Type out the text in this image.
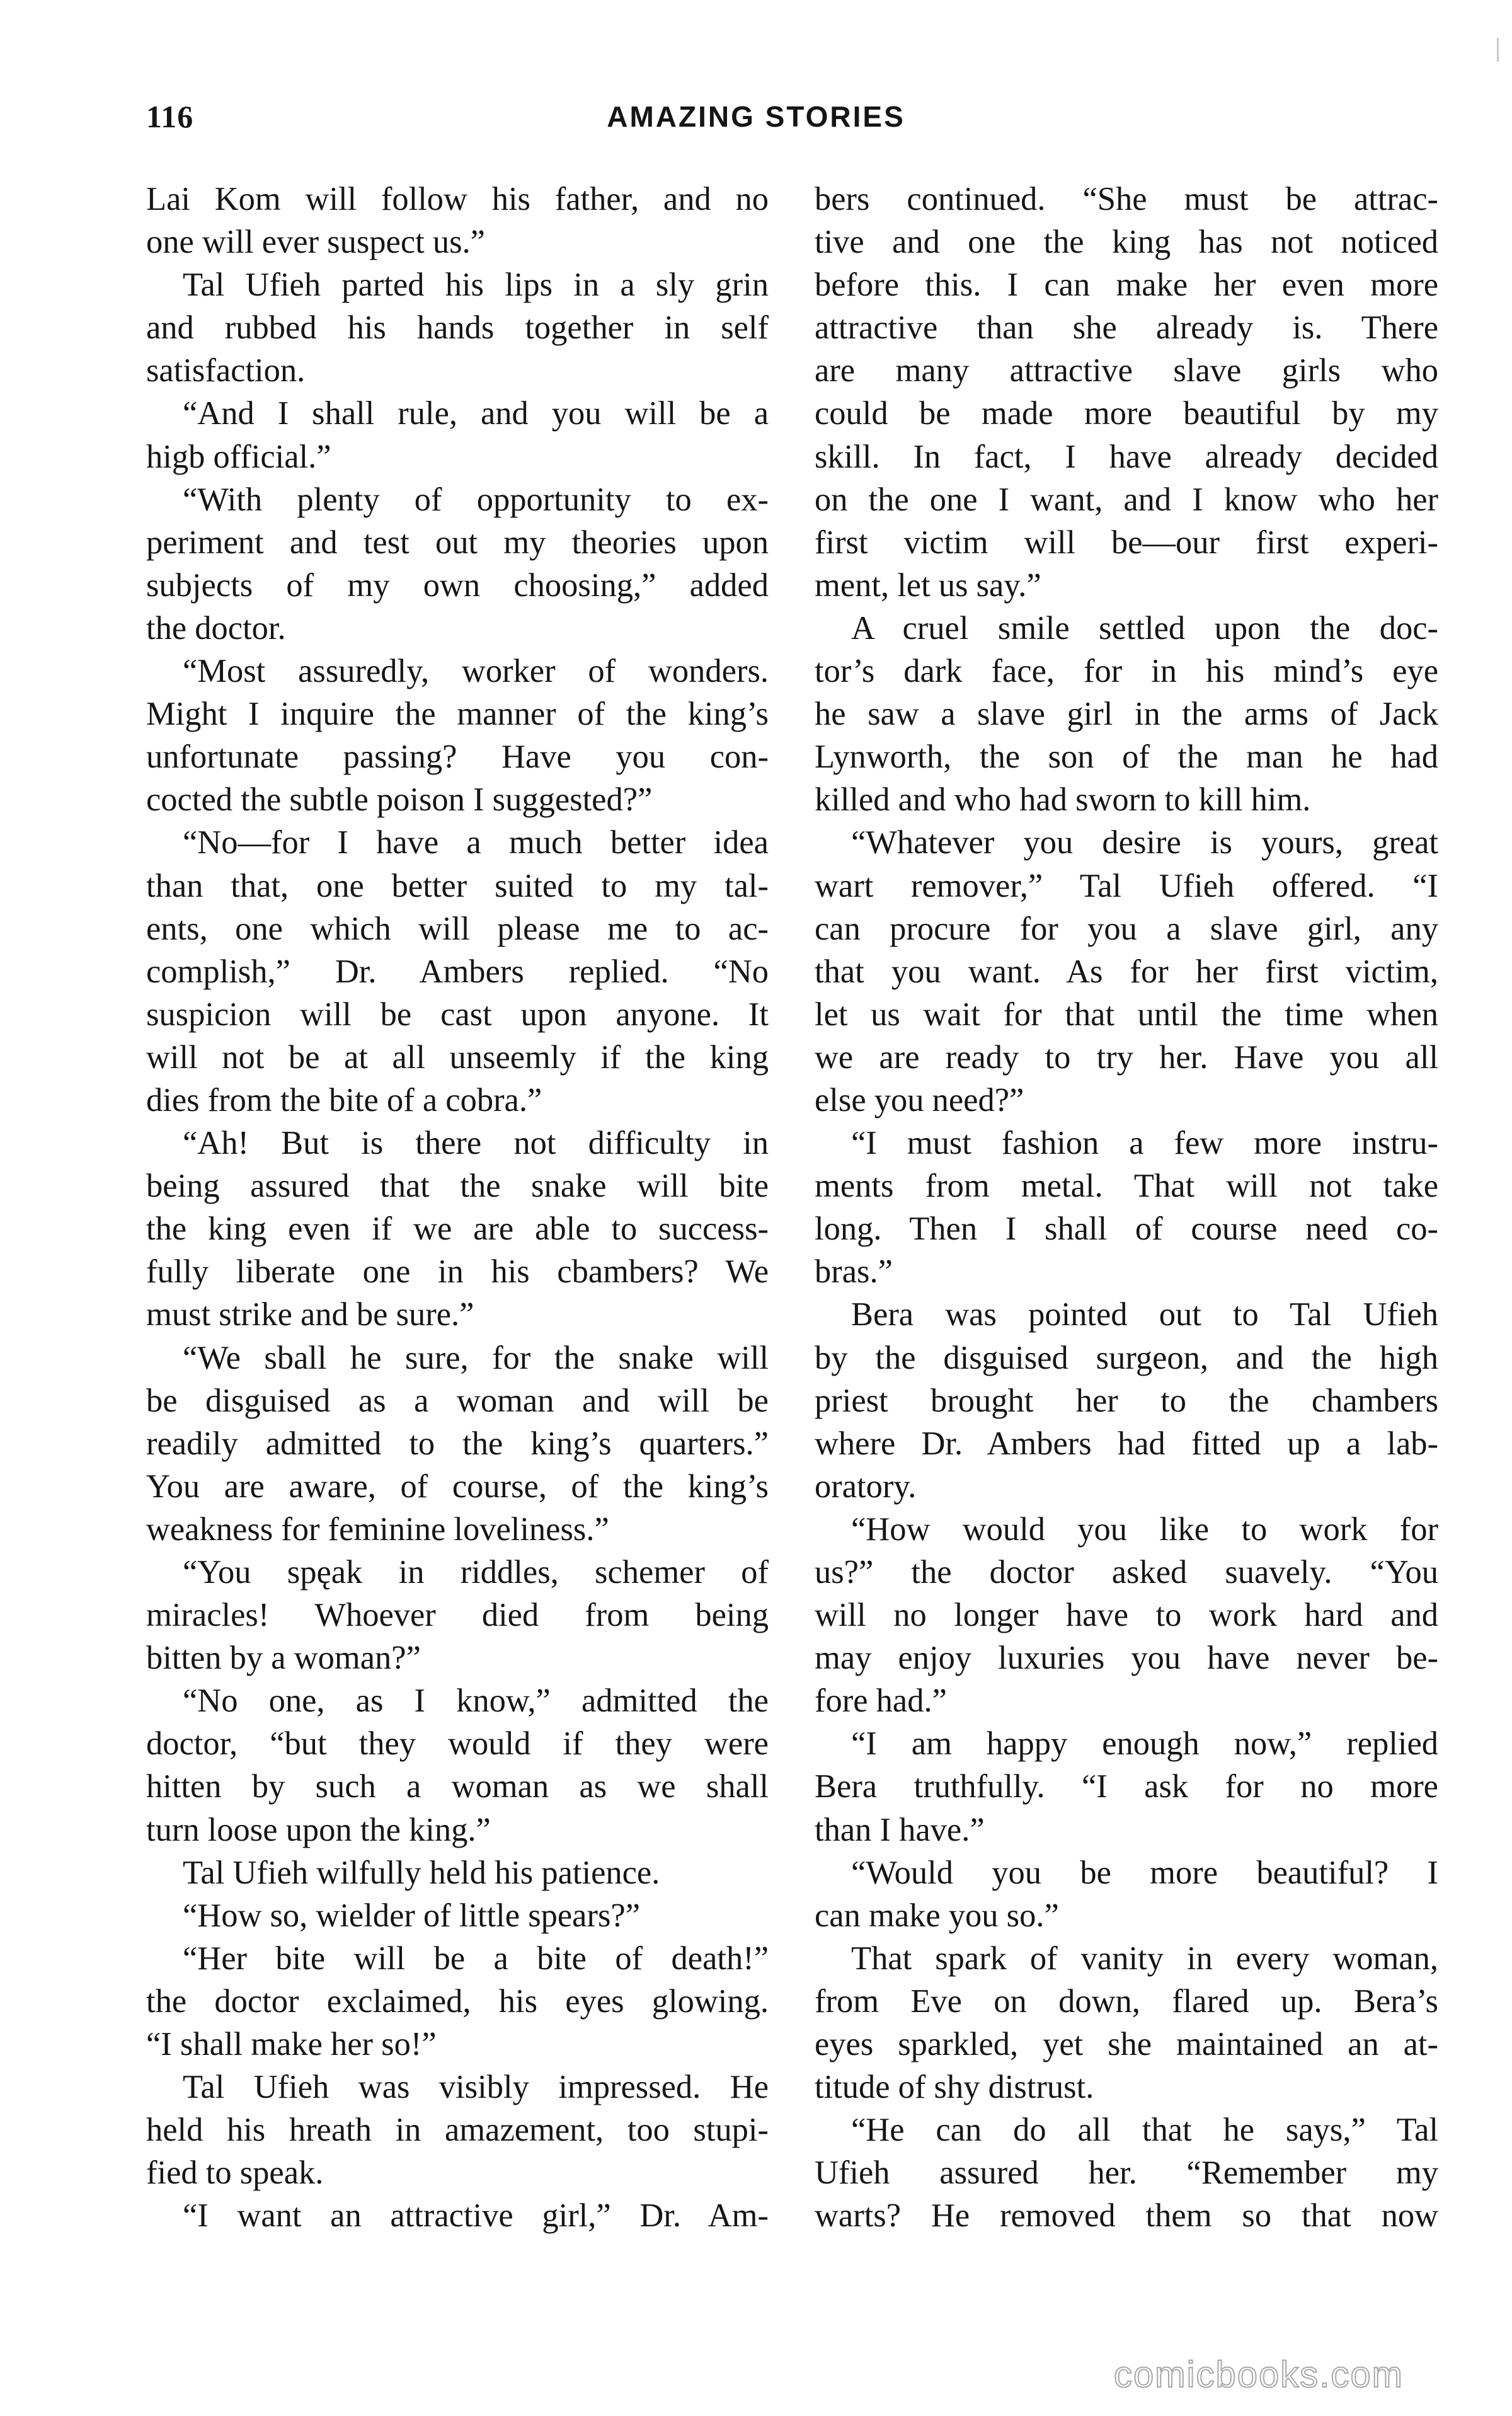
116	AMAZING STORIES
Lai Kom will follow his father, and no
one will ever suspect us.”
Tal Ufieh parted his lips in a sly grin
and rubbed his hands together in self
satisfaction.
“And I shall rule, and you will be a
higb official.”
“With plenty of opportunity to ex-
periment and test out my theories upon
subjects of my own choosing,” added
the doctor.
“Most assuredly, worker of wonders.
Might I inquire the manner of the king’s
unfortunate passing? Have you con-
cocted the subtle poison I suggested?”
“No—for I have a much better idea
than that, one better suited to my tal-
ents, one which will please me to ac-
complish,” Dr. Ambers replied. “No
suspicion will be cast upon anyone. It
will not be at all unseemly if the king
dies from the bite of a cobra.”
“Ah! But is there not difficulty in
being assured that the snake will bite
the king even if we are able to success-
fully liberate one in his cbambers? We
must strike and be sure.”
“We sball he sure, for the snake will
be disguised as a woman and will be
readily admitted to the king’s quarters.”
You are aware, of course, of the king’s
weakness for feminine loveliness.”
“You spęak in riddles, schemer of
miracles! Whoever died from being
bitten by a woman?”
“No one, as I know,” admitted the
doctor, “but they would if they were
hitten by such a woman as we shall
turn loose upon the king.”
Tal Ufieh wilfully held his patience.
“How so, wielder of little spears?”
“Her bite will be a bite of death!”
the doctor exclaimed, his eyes glowing.
“I shall make her so!”
Tal Ufieh was visibly impressed. He
held his hreath in amazement, too stupi-
fied to speak.
“I want an attractive girl,” Dr. Am-
bers continued. “She must be attrac-
tive and one the king has not noticed
before this. I can make her even more
attractive than she already is. There
are many attractive slave girls who
could be made more beautiful by my
skill. In fact, I have already decided
on the one I want, and I know who her
first victim will be—our first experi-
ment, let us say.”
A cruel smile settled upon the doc-
tor’s dark face, for in his mind’s eye
he saw a slave girl in the arms of Jack
Lynworth, the son of the man he had
killed and who had sworn to kill him.
“Whatever you desire is yours, great
wart remover,” Tal Ufieh offered. “I
can procure for you a slave girl, any
that you want. As for her first victim,
let us wait for that until the time when
we are ready to try her. Have you all
else you need?”
“I must fashion a few more instru-
ments from metal. That will not take
long. Then I shall of course need co-
bras.”
Bera was pointed out to Tal Ufieh
by the disguised surgeon, and the high
priest brought her to the chambers
where Dr. Ambers had fitted up a lab-
oratory.
“How would you like to work for
us?” the doctor asked suavely. “You
will no longer have to work hard and
may enjoy luxuries you have never be-
fore had.”
“I am happy enough now,” replied
Bera truthfully. “I ask for no more
than I have.”
“Would you be more beautiful? I
can make you so.”
That spark of vanity in every woman,
from Eve on down, flared up. Bera’s
eyes sparkled, yet she maintained an at-
titude of shy distrust.
“He can do all that he says,” Tal
Ufieh assured her. “Remember my
warts? He removed them so that now
comicbooks.com
